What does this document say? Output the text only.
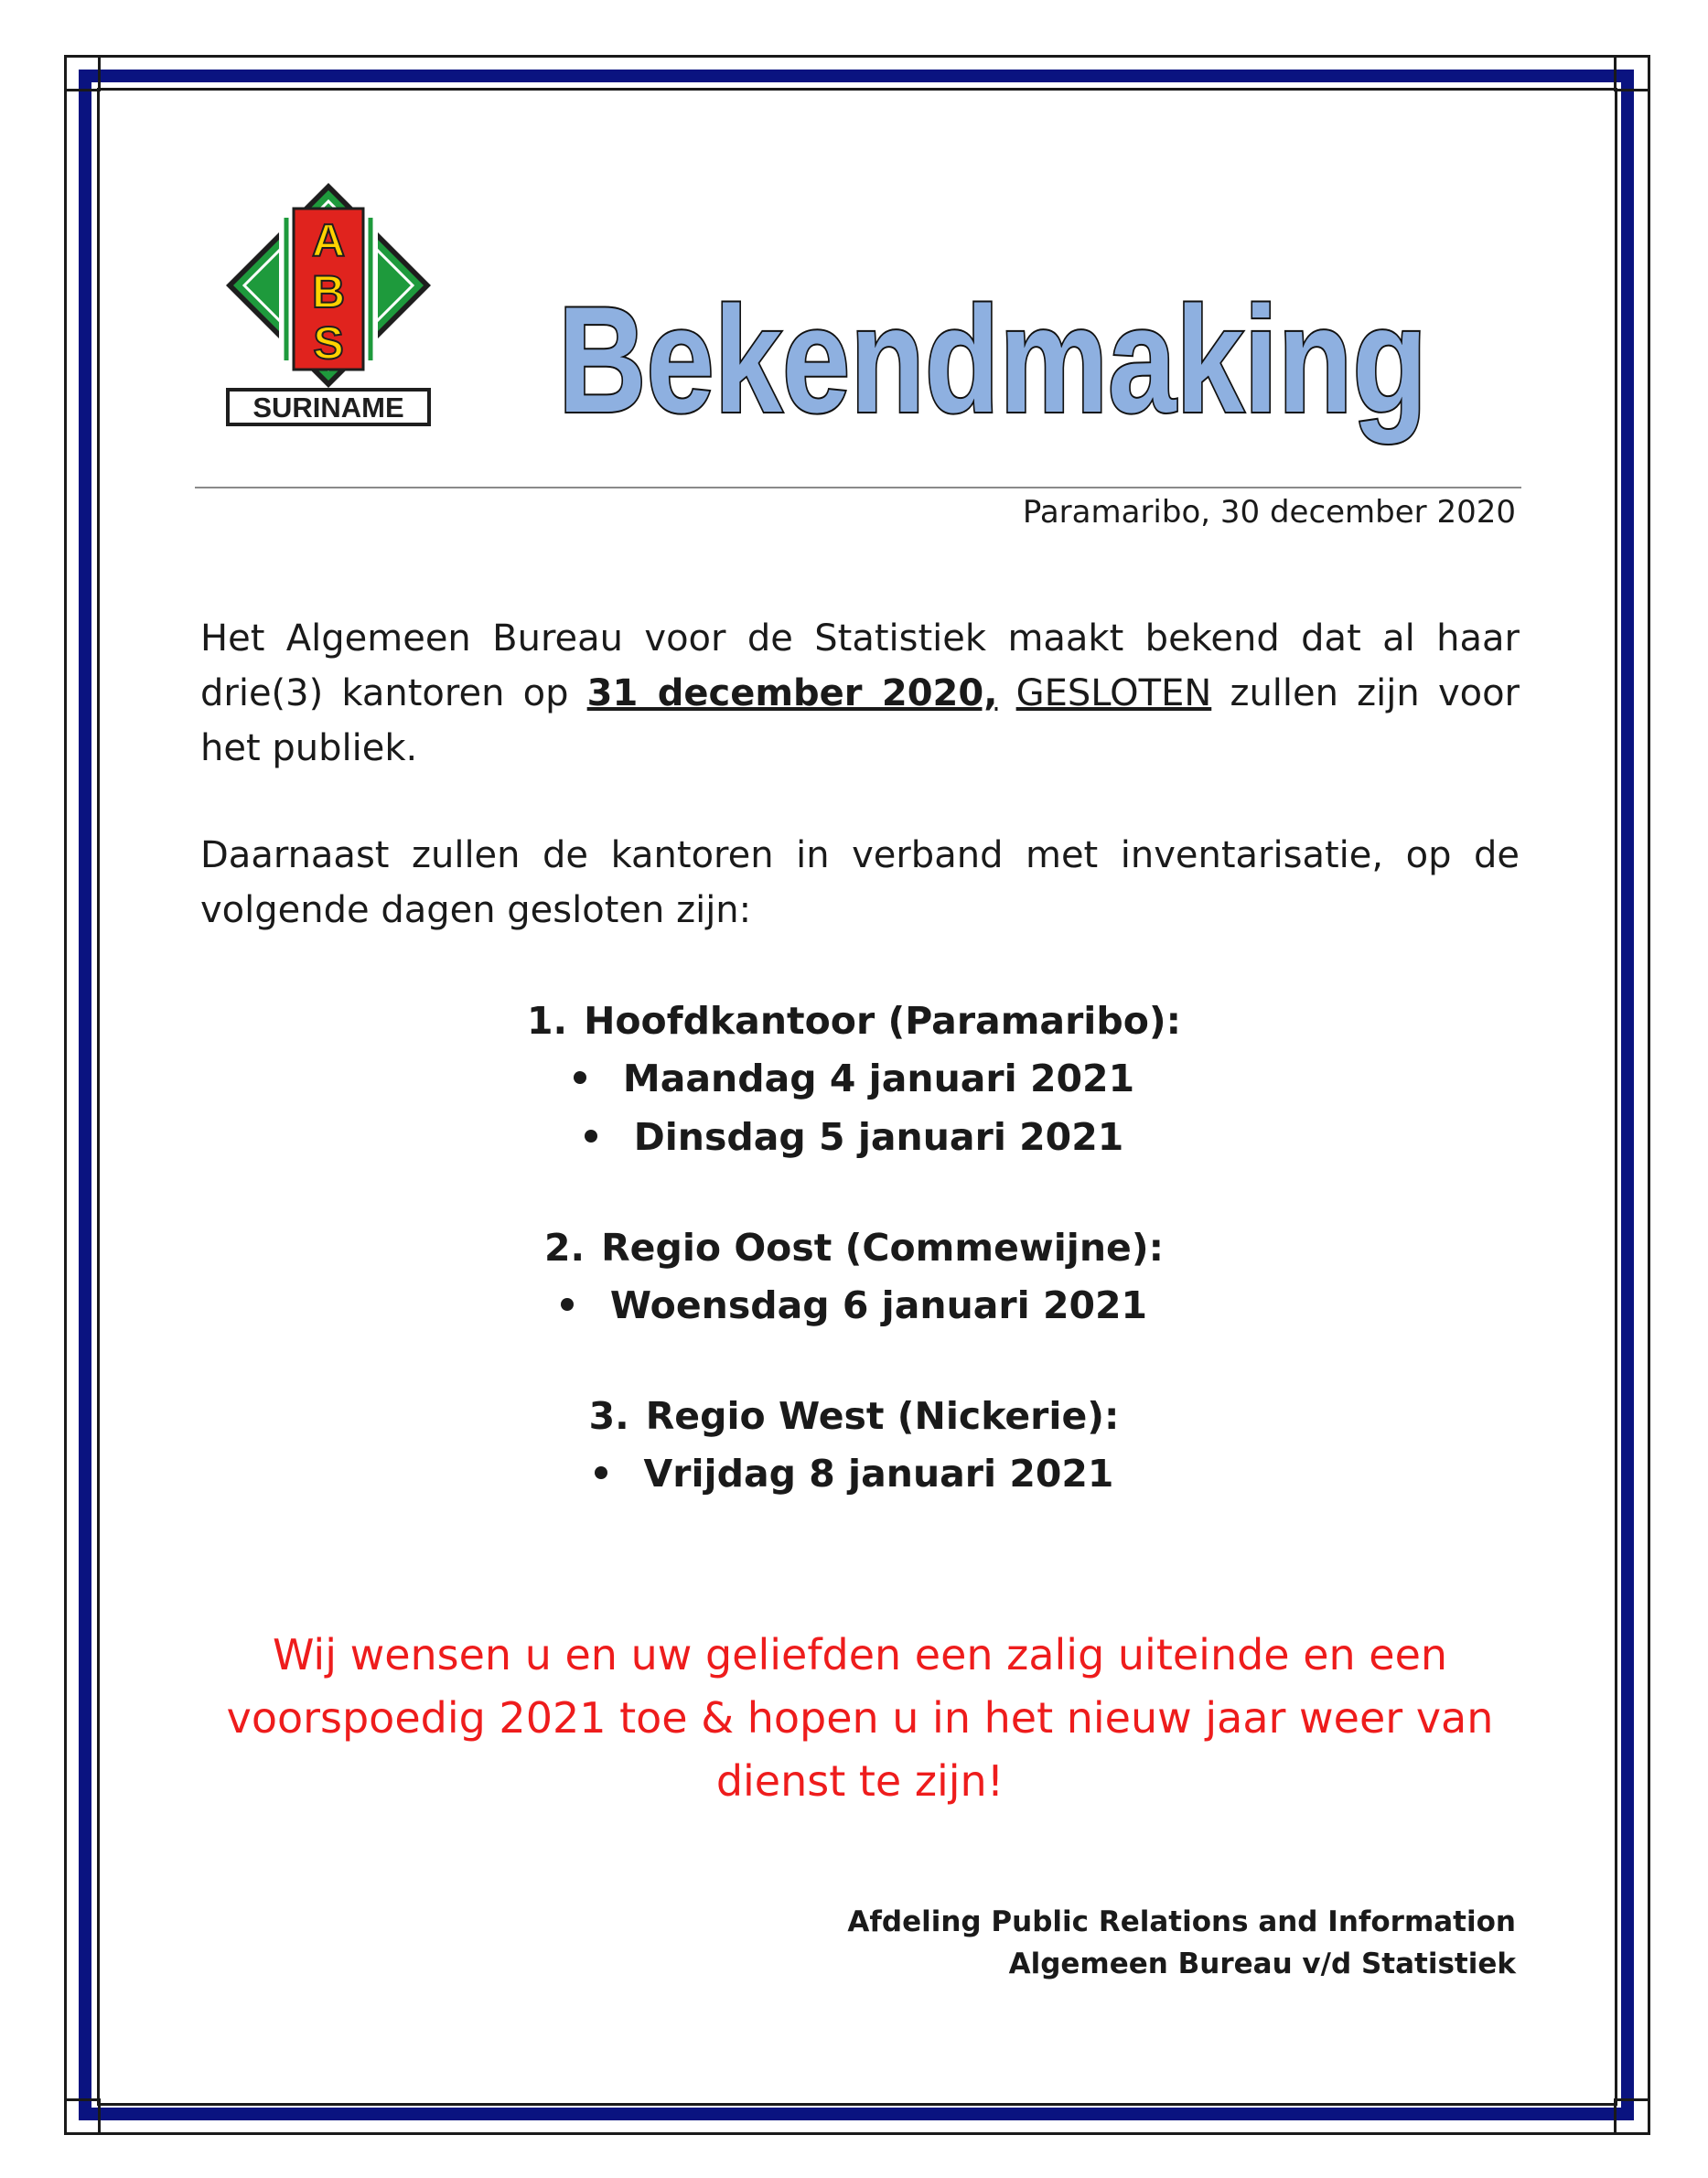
A
B
S
SURINAME Bekendmaking
Paramaribo, 30 december 2020
Het Algemeen Bureau voor de Statistiek maakt bekend dat al haar drie(3) kantoren op 31 december 2020, GESLOTEN zullen zijn voor het publiek.
Daarnaast zullen de kantoren in verband met inventarisatie, op de volgende dagen gesloten zijn:
1. Hoofdkantoor (Paramaribo):
Maandag 4 januari 2021
Dinsdag 5 januari 2021
2. Regio Oost (Commewijne):
Woensdag 6 januari 2021
3. Regio West (Nickerie):
Vrijdag 8 januari 2021
Wij wensen u en uw geliefden een zalig uiteinde en een
voorspoedig 2021 toe & hopen u in het nieuw jaar weer van
dienst te zijn!
Afdeling Public Relations and Information
Algemeen Bureau v/d Statistiek
